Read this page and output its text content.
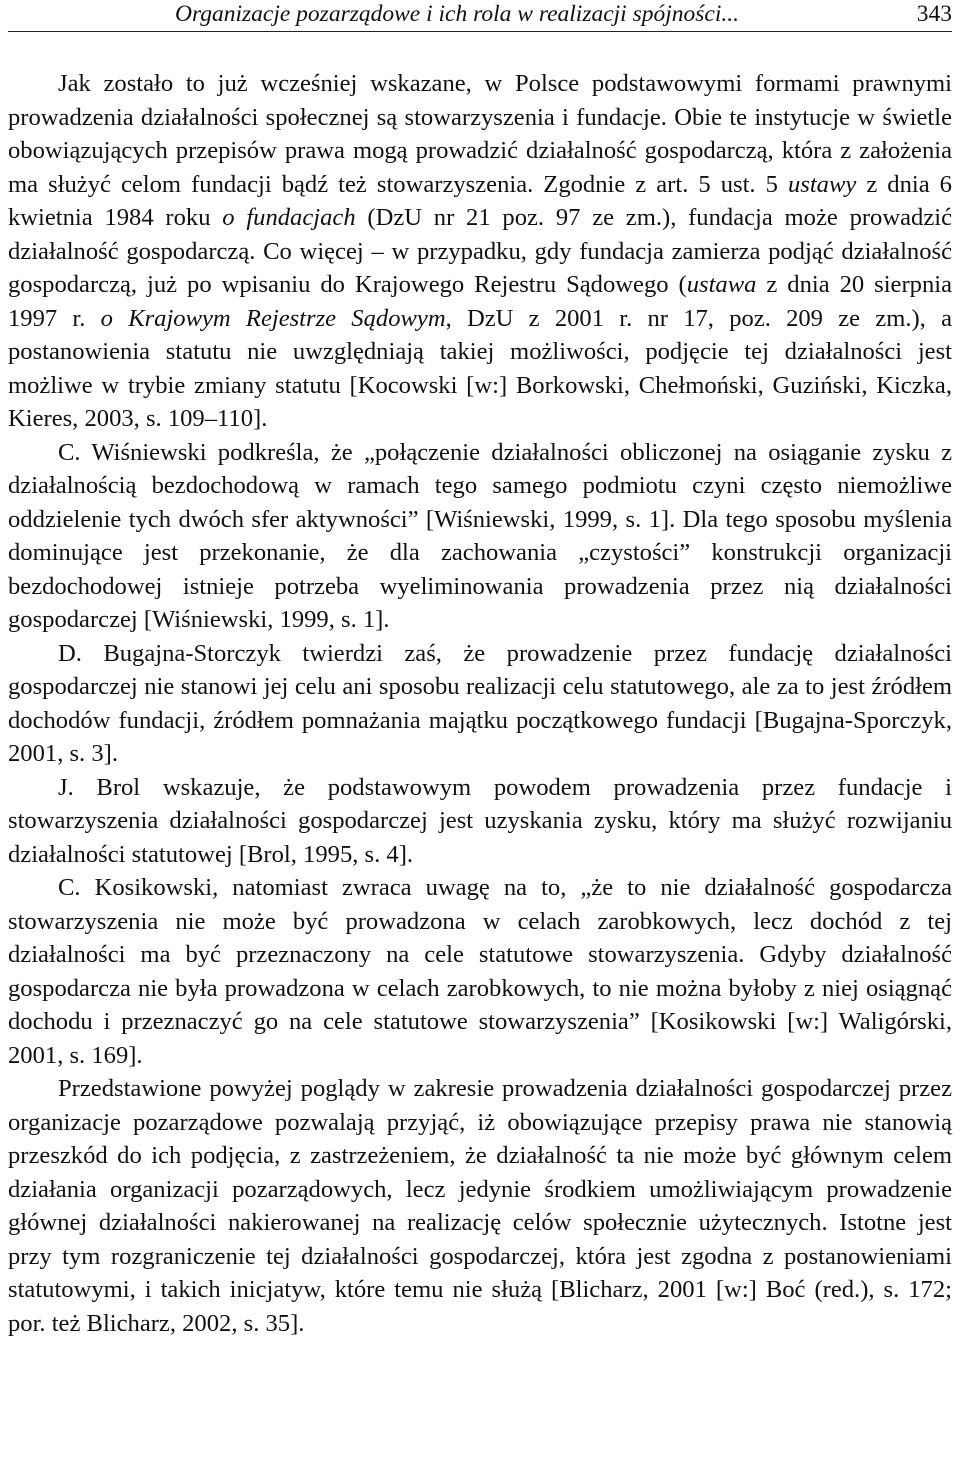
Organizacje pozarządowe i ich rola w realizacji spójności...	343

Jak zostało to już wcześniej wskazane, w Polsce podstawowymi formami prawnymi prowadzenia działalności społecznej są stowarzyszenia i fundacje. Obie te instytucje w świetle obowiązujących przepisów prawa mogą prowadzić działalność gospodarczą, która z założenia ma służyć celom fundacji bądź też stowarzyszenia. Zgodnie z art. 5 ust. 5 ustawy z dnia 6 kwietnia 1984 roku o fundacjach (DzU nr 21 poz. 97 ze zm.), fundacja może prowadzić działalność gospodarczą. Co więcej – w przypadku, gdy fundacja zamierza podjąć działalność gospodarczą, już po wpisaniu do Krajowego Rejestru Sądowego (ustawa z dnia 20 sierpnia 1997 r. o Krajowym Rejestrze Sądowym, DzU z 2001 r. nr 17, poz. 209 ze zm.), a postanowienia statutu nie uwzględniają takiej możliwości, podjęcie tej działalności jest możliwe w trybie zmiany statutu [Kocowski [w:] Borkowski, Chełmoński, Guziński, Kiczka, Kieres, 2003, s. 109–110].

C. Wiśniewski podkreśla, że „połączenie działalności obliczonej na osiąganie zysku z działalnością bezdochodową w ramach tego samego podmiotu czyni często niemożliwe oddzielenie tych dwóch sfer aktywności” [Wiśniewski, 1999, s. 1]. Dla tego sposobu myślenia dominujące jest przekonanie, że dla zachowania „czystości” konstrukcji organizacji bezdochodowej istnieje potrzeba wyeliminowania prowadzenia przez nią działalności gospodarczej [Wiśniewski, 1999, s. 1].

D. Bugajna-Storczyk twierdzi zaś, że prowadzenie przez fundację działalności gospodarczej nie stanowi jej celu ani sposobu realizacji celu statutowego, ale za to jest źródłem dochodów fundacji, źródłem pomnażania majątku początkowego fundacji [Bugajna-Sporczyk, 2001, s. 3].

J. Brol wskazuje, że podstawowym powodem prowadzenia przez fundacje i stowarzyszenia działalności gospodarczej jest uzyskania zysku, który ma służyć rozwijaniu działalności statutowej [Brol, 1995, s. 4].

C. Kosikowski, natomiast zwraca uwagę na to, „że to nie działalność gospodarcza stowarzyszenia nie może być prowadzona w celach zarobkowych, lecz dochód z tej działalności ma być przeznaczony na cele statutowe stowarzyszenia. Gdyby działalność gospodarcza nie była prowadzona w celach zarobkowych, to nie można byłoby z niej osiągnąć dochodu i przeznaczyć go na cele statutowe stowarzyszenia” [Kosikowski [w:] Waligórski, 2001, s. 169].

Przedstawione powyżej poglądy w zakresie prowadzenia działalności gospodarczej przez organizacje pozarządowe pozwalają przyjąć, iż obowiązujące przepisy prawa nie stanowią przeszkód do ich podjęcia, z zastrzeżeniem, że działalność ta nie może być głównym celem działania organizacji pozarządowych, lecz jedynie środkiem umożliwiającym prowadzenie głównej działalności nakierowanej na realizację celów społecznie użytecznych. Istotne jest przy tym rozgraniczenie tej działalności gospodarczej, która jest zgodna z postanowieniami statutowymi, i takich inicjatyw, które temu nie służą [Blicharz, 2001 [w:] Boć (red.), s. 172; por. też Blicharz, 2002, s. 35].
